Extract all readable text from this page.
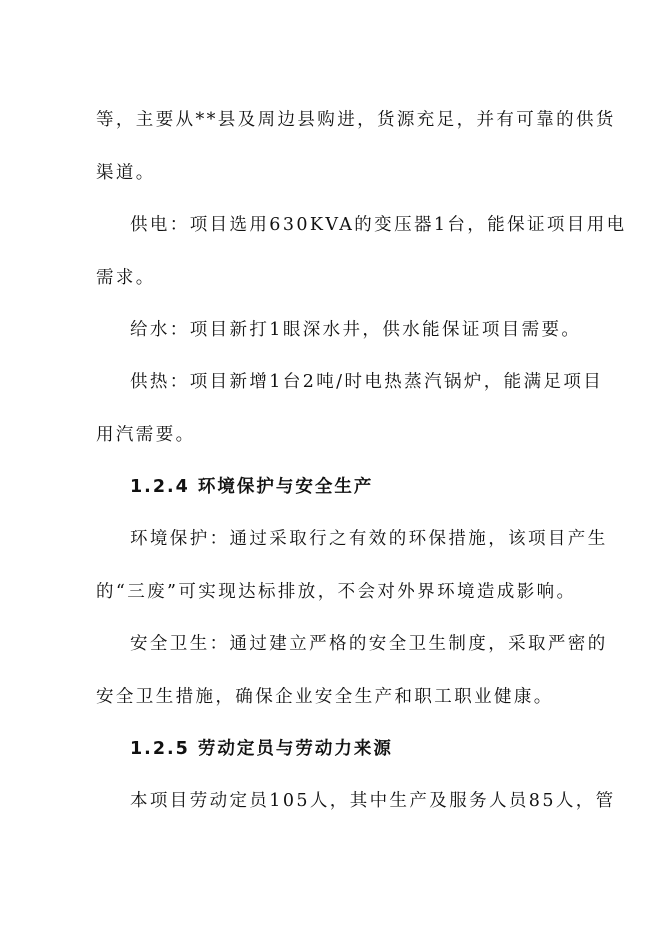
等，主要从**县及周边县购进，货源充足，并有可靠的供货
渠道。
供电：项目选用630KVA的变压器1台，能保证项目用电
需求。
给水：项目新打1眼深水井，供水能保证项目需要。
供热：项目新增1台2吨/时电热蒸汽锅炉，能满足项目
用汽需要。
1.2.4 环境保护与安全生产
环境保护：通过采取行之有效的环保措施，该项目产生
的“三废”可实现达标排放，不会对外界环境造成影响。
安全卫生：通过建立严格的安全卫生制度，采取严密的
安全卫生措施，确保企业安全生产和职工职业健康。
1.2.5 劳动定员与劳动力来源
本项目劳动定员105人，其中生产及服务人员85人，管
